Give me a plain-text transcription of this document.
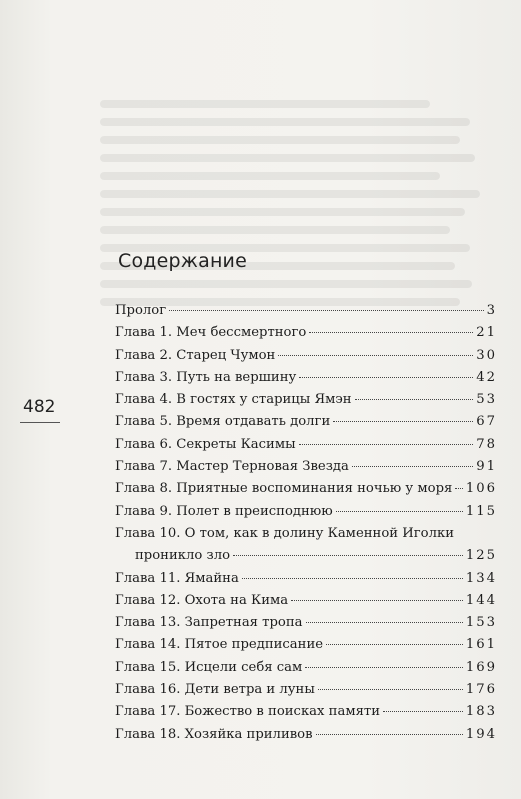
Содержание
482
Пролог	3
Глава 1. Меч бессмертного	21
Глава 2. Старец Чумон	30
Глава 3. Путь на вершину	42
Глава 4. В гостях у старицы Ямэн	53
Глава 5. Время отдавать долги	67
Глава 6. Секреты Касимы	78
Глава 7. Мастер Терновая Звезда	91
Глава 8. Приятные воспоминания ночью у моря 106
Глава 9. Полет в преисподнюю	115
Глава 10. О том, как в долину Каменной Иголки
проникло зло	125
Глава 11. Ямайна	134
Глава 12. Охота на Кима	144
Глава 13. Запретная тропа	153
Глава 14. Пятое предписание	161
Глава 15. Исцели себя сам	169
Глава 16. Дети ветра и луны	176
Глава 17. Божество в поисках памяти	183
Глава 18. Хозяйка приливов	194
